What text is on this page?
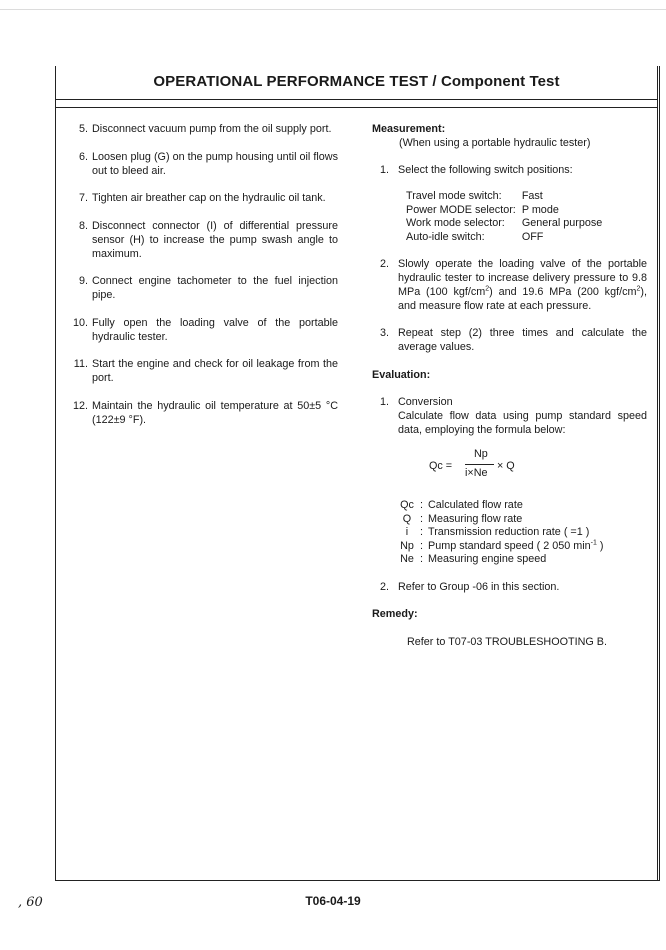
OPERATIONAL PERFORMANCE TEST / Component Test
5. Disconnect vacuum pump from the oil supply port.
6. Loosen plug (G) on the pump housing until oil flows out to bleed air.
7. Tighten air breather cap on the hydraulic oil tank.
8. Disconnect connector (I) of differential pressure sensor (H) to increase the pump swash angle to maximum.
9. Connect engine tachometer to the fuel injection pipe.
10. Fully open the loading valve of the portable hydraulic tester.
11. Start the engine and check for oil leakage from the port.
12. Maintain the hydraulic oil temperature at 50±5 °C (122±9 °F).
Measurement:
(When using a portable hydraulic tester)
1. Select the following switch positions:
Travel mode switch:	Fast
Power MODE selector:	P mode
Work mode selector:	General purpose
Auto-idle switch:	OFF
2. Slowly operate the loading valve of the portable hydraulic tester to increase delivery pressure to 9.8 MPa (100 kgf/$cm^2$) and 19.6 MPa (200 kgf/$cm^2$), and measure flow rate at each pressure.
3. Repeat step (2) three times and calculate the average values.
Evaluation:
1. Conversion
Calculate flow data using pump standard speed data, employing the formula below:
Qc =
Np
i×Ne
× Q
Qc	:	Calculated flow rate
Q	:	Measuring flow rate
i	:	Transmission reduction rate ( =1 )
Np	:	Pump standard speed ( 2 050 $\min^{-1}$ )
Ne	:	Measuring engine speed
2. Refer to Group -06 in this section.
Remedy:
Refer to T07-03 TROUBLESHOOTING B.
, 60	T06-04-19
